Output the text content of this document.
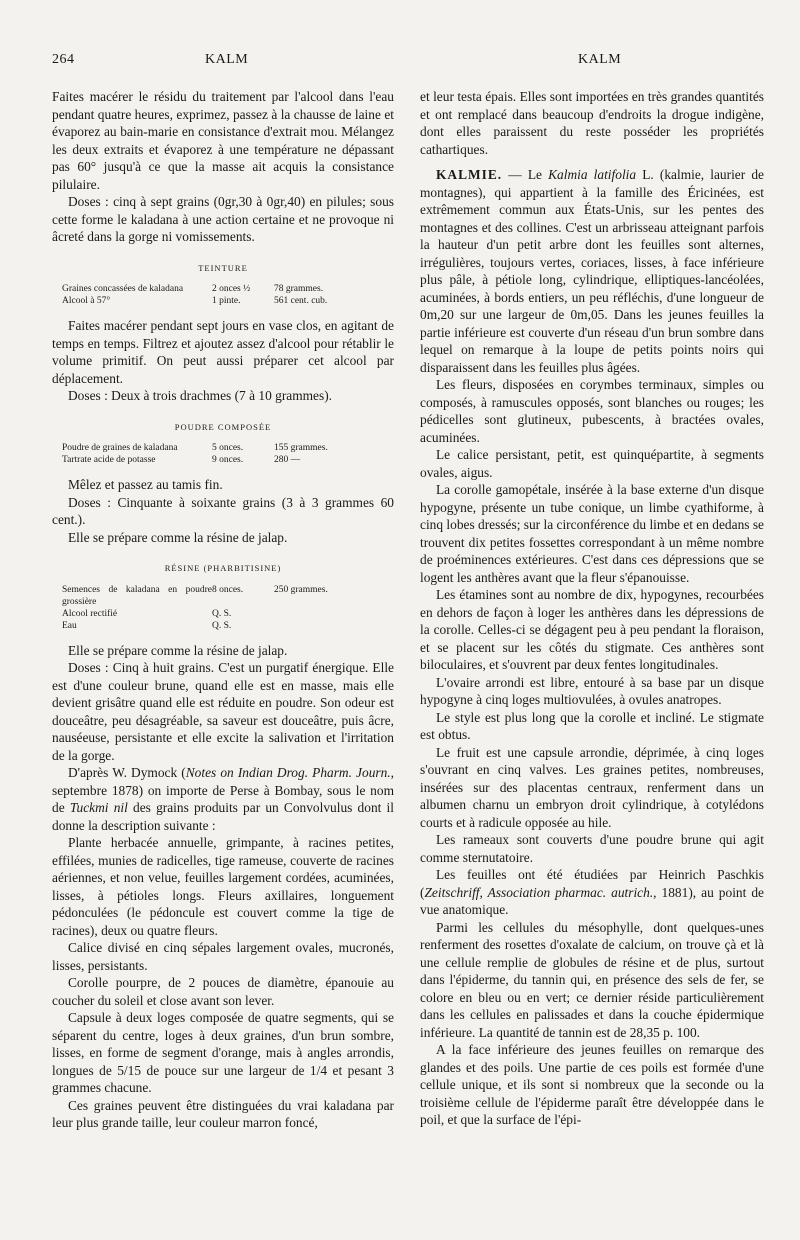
264	KALM	KALM

Faites macérer le résidu du traitement par l'alcool dans l'eau pendant quatre heures, exprimez, passez à la chausse de laine et évaporez au bain-marie en consistance d'extrait mou. Mélangez les deux extraits et évaporez à une température ne dépassant pas 60° jusqu'à ce que la masse ait acquis la consistance pilulaire.

Doses : cinq à sept grains (0gr,30 à 0gr,40) en pilules; sous cette forme le kaladana à une action certaine et ne provoque ni âcreté dans la gorge ni vomissements.

TEINTURE
Graines concassées de kaladana	2 onces ½	78 grammes.
Alcool à 57°	1 pinte.	561 cent. cub.

Faites macérer pendant sept jours en vase clos, en agitant de temps en temps. Filtrez et ajoutez assez d'alcool pour rétablir le volume primitif. On peut aussi préparer cet alcool par déplacement.

Doses : Deux à trois drachmes (7 à 10 grammes).

POUDRE COMPOSÉE
Poudre de graines de kaladana	5 onces.	155 grammes.
Tartrate acide de potasse	9 onces.	280 —

Mêlez et passez au tamis fin.

Doses : Cinquante à soixante grains (3 à 3 grammes 60 cent.).

Elle se prépare comme la résine de jalap.

RÉSINE (PHARBITISINE)
Semences de kaladana en poudre grossière
8 onces.	250 grammes.
Alcool rectifié	Q. S.
Eau	Q. S.

Elle se prépare comme la résine de jalap.

Doses : Cinq à huit grains. C'est un purgatif énergique. Elle est d'une couleur brune, quand elle est en masse, mais elle devient grisâtre quand elle est réduite en poudre. Son odeur est douceâtre, peu désagréable, sa saveur est douceâtre, puis âcre, nauséeuse, persistante et elle excite la salivation et l'irritation de la gorge.

D'après W. Dymock (Notes on Indian Drog. Pharm. Journ., septembre 1878) on importe de Perse à Bombay, sous le nom de Tuckmi nil des grains produits par un Convolvulus dont il donne la description suivante :

Plante herbacée annuelle, grimpante, à racines petites, effilées, munies de radicelles, tige rameuse, couverte de racines aériennes, et non velue, feuilles largement cordées, acuminées, lisses, à pétioles longs. Fleurs axillaires, longuement pédonculées (le pédoncule est couvert comme la tige de racines), deux ou quatre fleurs.

Calice divisé en cinq sépales largement ovales, mucronés, lisses, persistants.

Corolle pourpre, de 2 pouces de diamètre, épanouie au coucher du soleil et close avant son lever.

Capsule à deux loges composée de quatre segments, qui se séparent du centre, loges à deux graines, d'un brun sombre, lisses, en forme de segment d'orange, mais à angles arrondis, longues de 5/15 de pouce sur une largeur de 1/4 et pesant 3 grammes chacune.

Ces graines peuvent être distinguées du vrai kaladana par leur plus grande taille, leur couleur marron foncé,

et leur testa épais. Elles sont importées en très grandes quantités et ont remplacé dans beaucoup d'endroits la drogue indigène, dont elles paraissent du reste posséder les propriétés cathartiques.

KALMIE. — Le Kalmia latifolia L. (kalmie, laurier de montagnes), qui appartient à la famille des Éricinées, est extrêmement commun aux États-Unis, sur les pentes des montagnes et des collines. C'est un arbrisseau atteignant parfois la hauteur d'un petit arbre dont les feuilles sont alternes, irrégulières, toujours vertes, coriaces, lisses, à face inférieure plus pâle, à pétiole long, cylindrique, elliptiques-lancéolées, acuminées, à bords entiers, un peu réfléchis, d'une longueur de 0m,20 sur une largeur de 0m,05. Dans les jeunes feuilles la partie inférieure est couverte d'un réseau d'un brun sombre dans lequel on remarque à la loupe de petits points noirs qui disparaissent dans les feuilles plus âgées.

Les fleurs, disposées en corymbes terminaux, simples ou composés, à ramuscules opposés, sont blanches ou rouges; les pédicelles sont glutineux, pubescents, à bractées ovales, acuminées.

Le calice persistant, petit, est quinquépartite, à segments ovales, aigus.

La corolle gamopétale, insérée à la base externe d'un disque hypogyne, présente un tube conique, un limbe cyathiforme, à cinq lobes dressés; sur la circonférence du limbe et en dedans se trouvent dix petites fossettes correspondant à un même nombre de proéminences extérieures. C'est dans ces dépressions que se logent les anthères avant que la fleur s'épanouisse.

Les étamines sont au nombre de dix, hypogynes, recourbées en dehors de façon à loger les anthères dans les dépressions de la corolle. Celles-ci se dégagent peu à peu pendant la floraison, et se placent sur les côtés du stigmate. Ces anthères sont biloculaires, et s'ouvrent par deux fentes longitudinales.

L'ovaire arrondi est libre, entouré à sa base par un disque hypogyne à cinq loges multiovulées, à ovules anatropes.

Le style est plus long que la corolle et incliné. Le stigmate est obtus.

Le fruit est une capsule arrondie, déprimée, à cinq loges s'ouvrant en cinq valves. Les graines petites, nombreuses, insérées sur des placentas centraux, renferment dans un albumen charnu un embryon droit cylindrique, à cotylédons courts et à radicule opposée au hile.

Les rameaux sont couverts d'une poudre brune qui agit comme sternutatoire.

Les feuilles ont été étudiées par Heinrich Paschkis (Zeitschriff, Association pharmac. autrich., 1881), au point de vue anatomique.

Parmi les cellules du mésophylle, dont quelques-unes renferment des rosettes d'oxalate de calcium, on trouve çà et là une cellule remplie de globules de résine et de plus, surtout dans l'épiderme, du tannin qui, en présence des sels de fer, se colore en bleu ou en vert; ce dernier réside particulièrement dans les cellules en palissades et dans la couche épidermique inférieure. La quantité de tannin est de 28,35 p. 100.

A la face inférieure des jeunes feuilles on remarque des glandes et des poils. Une partie de ces poils est formée d'une cellule unique, et ils sont si nombreux que la seconde ou la troisième cellule de l'épiderme paraît être développée dans le poil, et que la surface de l'épi-
